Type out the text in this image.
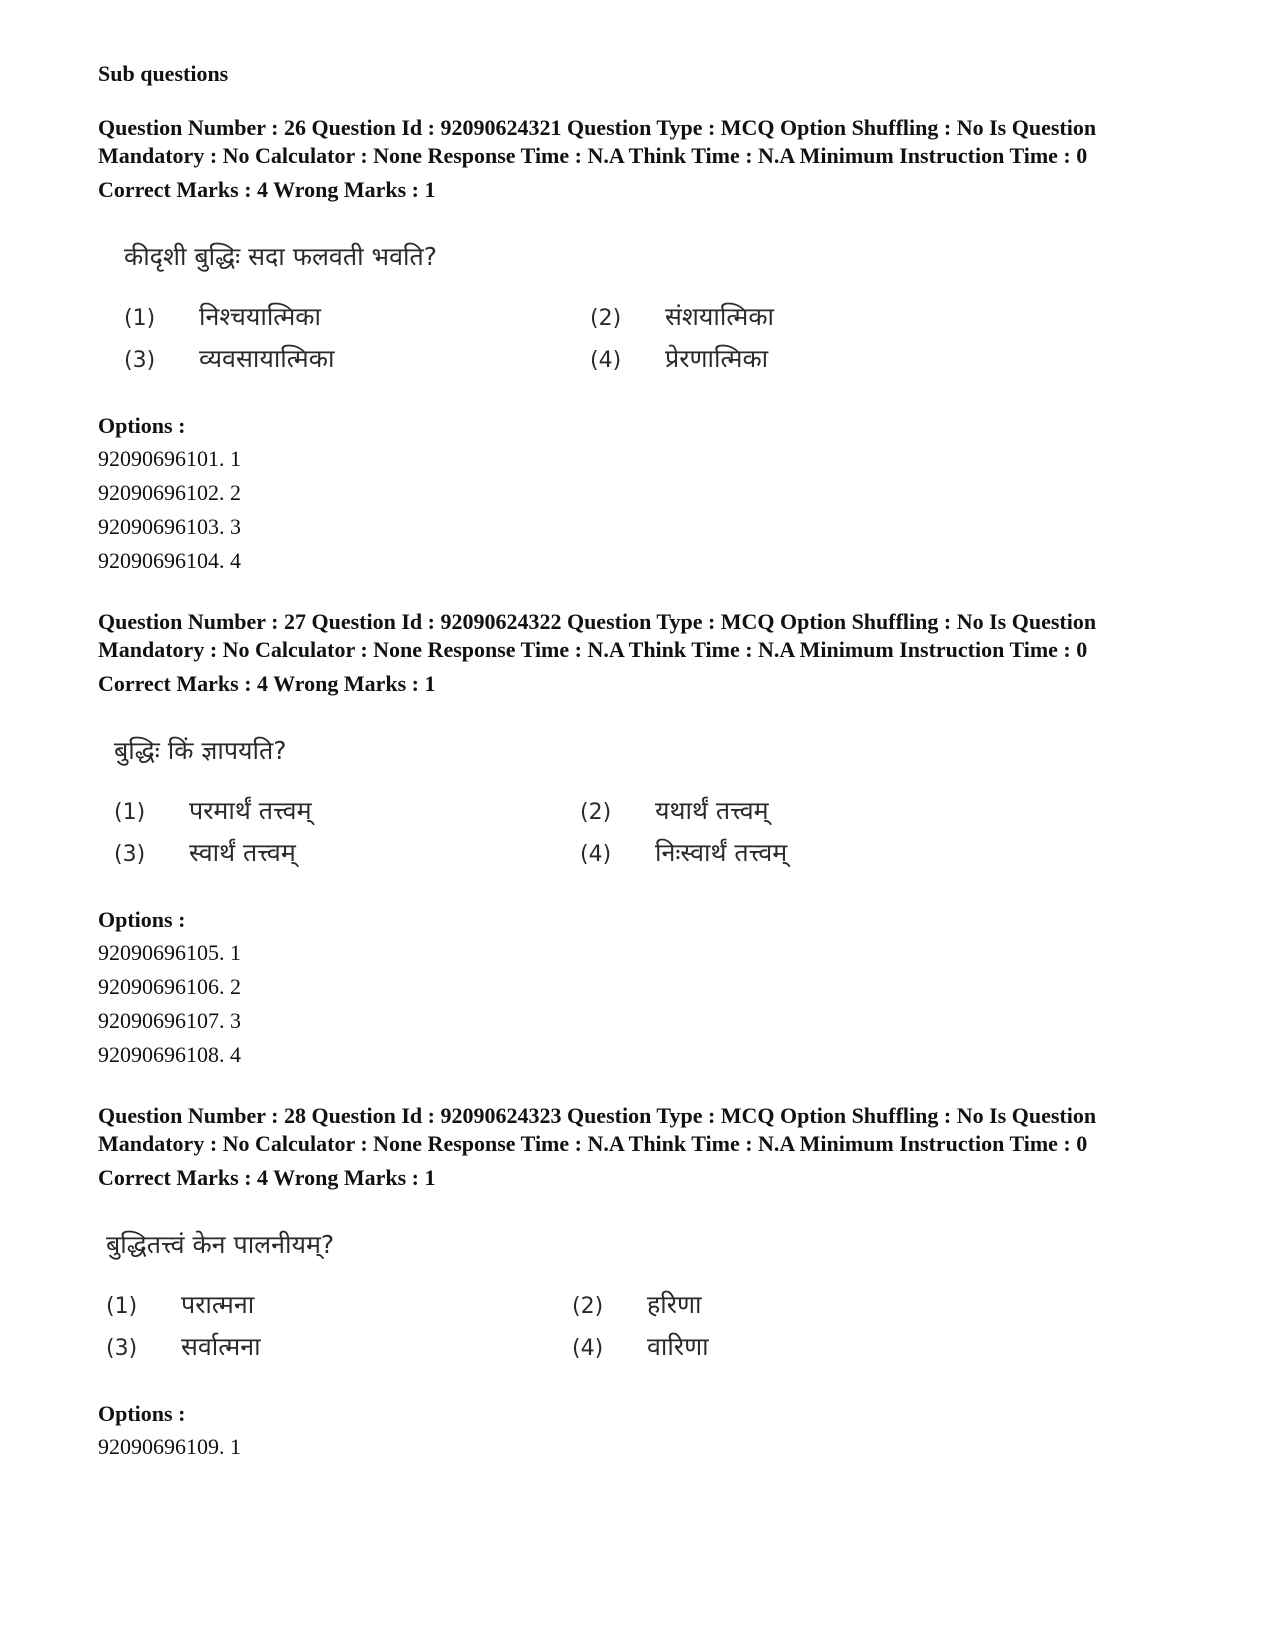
Sub questions
Question Number : 26 Question Id : 92090624321 Question Type : MCQ Option Shuffling : No Is Question Mandatory : No Calculator : None Response Time : N.A Think Time : N.A Minimum Instruction Time : 0
Correct Marks : 4 Wrong Marks : 1
कीदृशी बुद्धिः सदा फलवती भवति?
(1) निश्चयात्मिका	(2) संशयात्मिका
(3) व्यवसायात्मिका	(4) प्रेरणात्मिका
Options :
92090696101. 1
92090696102. 2
92090696103. 3
92090696104. 4
Question Number : 27 Question Id : 92090624322 Question Type : MCQ Option Shuffling : No Is Question Mandatory : No Calculator : None Response Time : N.A Think Time : N.A Minimum Instruction Time : 0
Correct Marks : 4 Wrong Marks : 1
बुद्धिः किं ज्ञापयति?
(1) परमार्थं तत्त्वम्	(2) यथार्थं तत्त्वम्
(3) स्वार्थं तत्त्वम्	(4) निःस्वार्थं तत्त्वम्
Options :
92090696105. 1
92090696106. 2
92090696107. 3
92090696108. 4
Question Number : 28 Question Id : 92090624323 Question Type : MCQ Option Shuffling : No Is Question Mandatory : No Calculator : None Response Time : N.A Think Time : N.A Minimum Instruction Time : 0
Correct Marks : 4 Wrong Marks : 1
बुद्धितत्त्वं केन पालनीयम्?
(1) परात्मना	(2) हरिणा
(3) सर्वात्मना	(4) वारिणा
Options :
92090696109. 1
